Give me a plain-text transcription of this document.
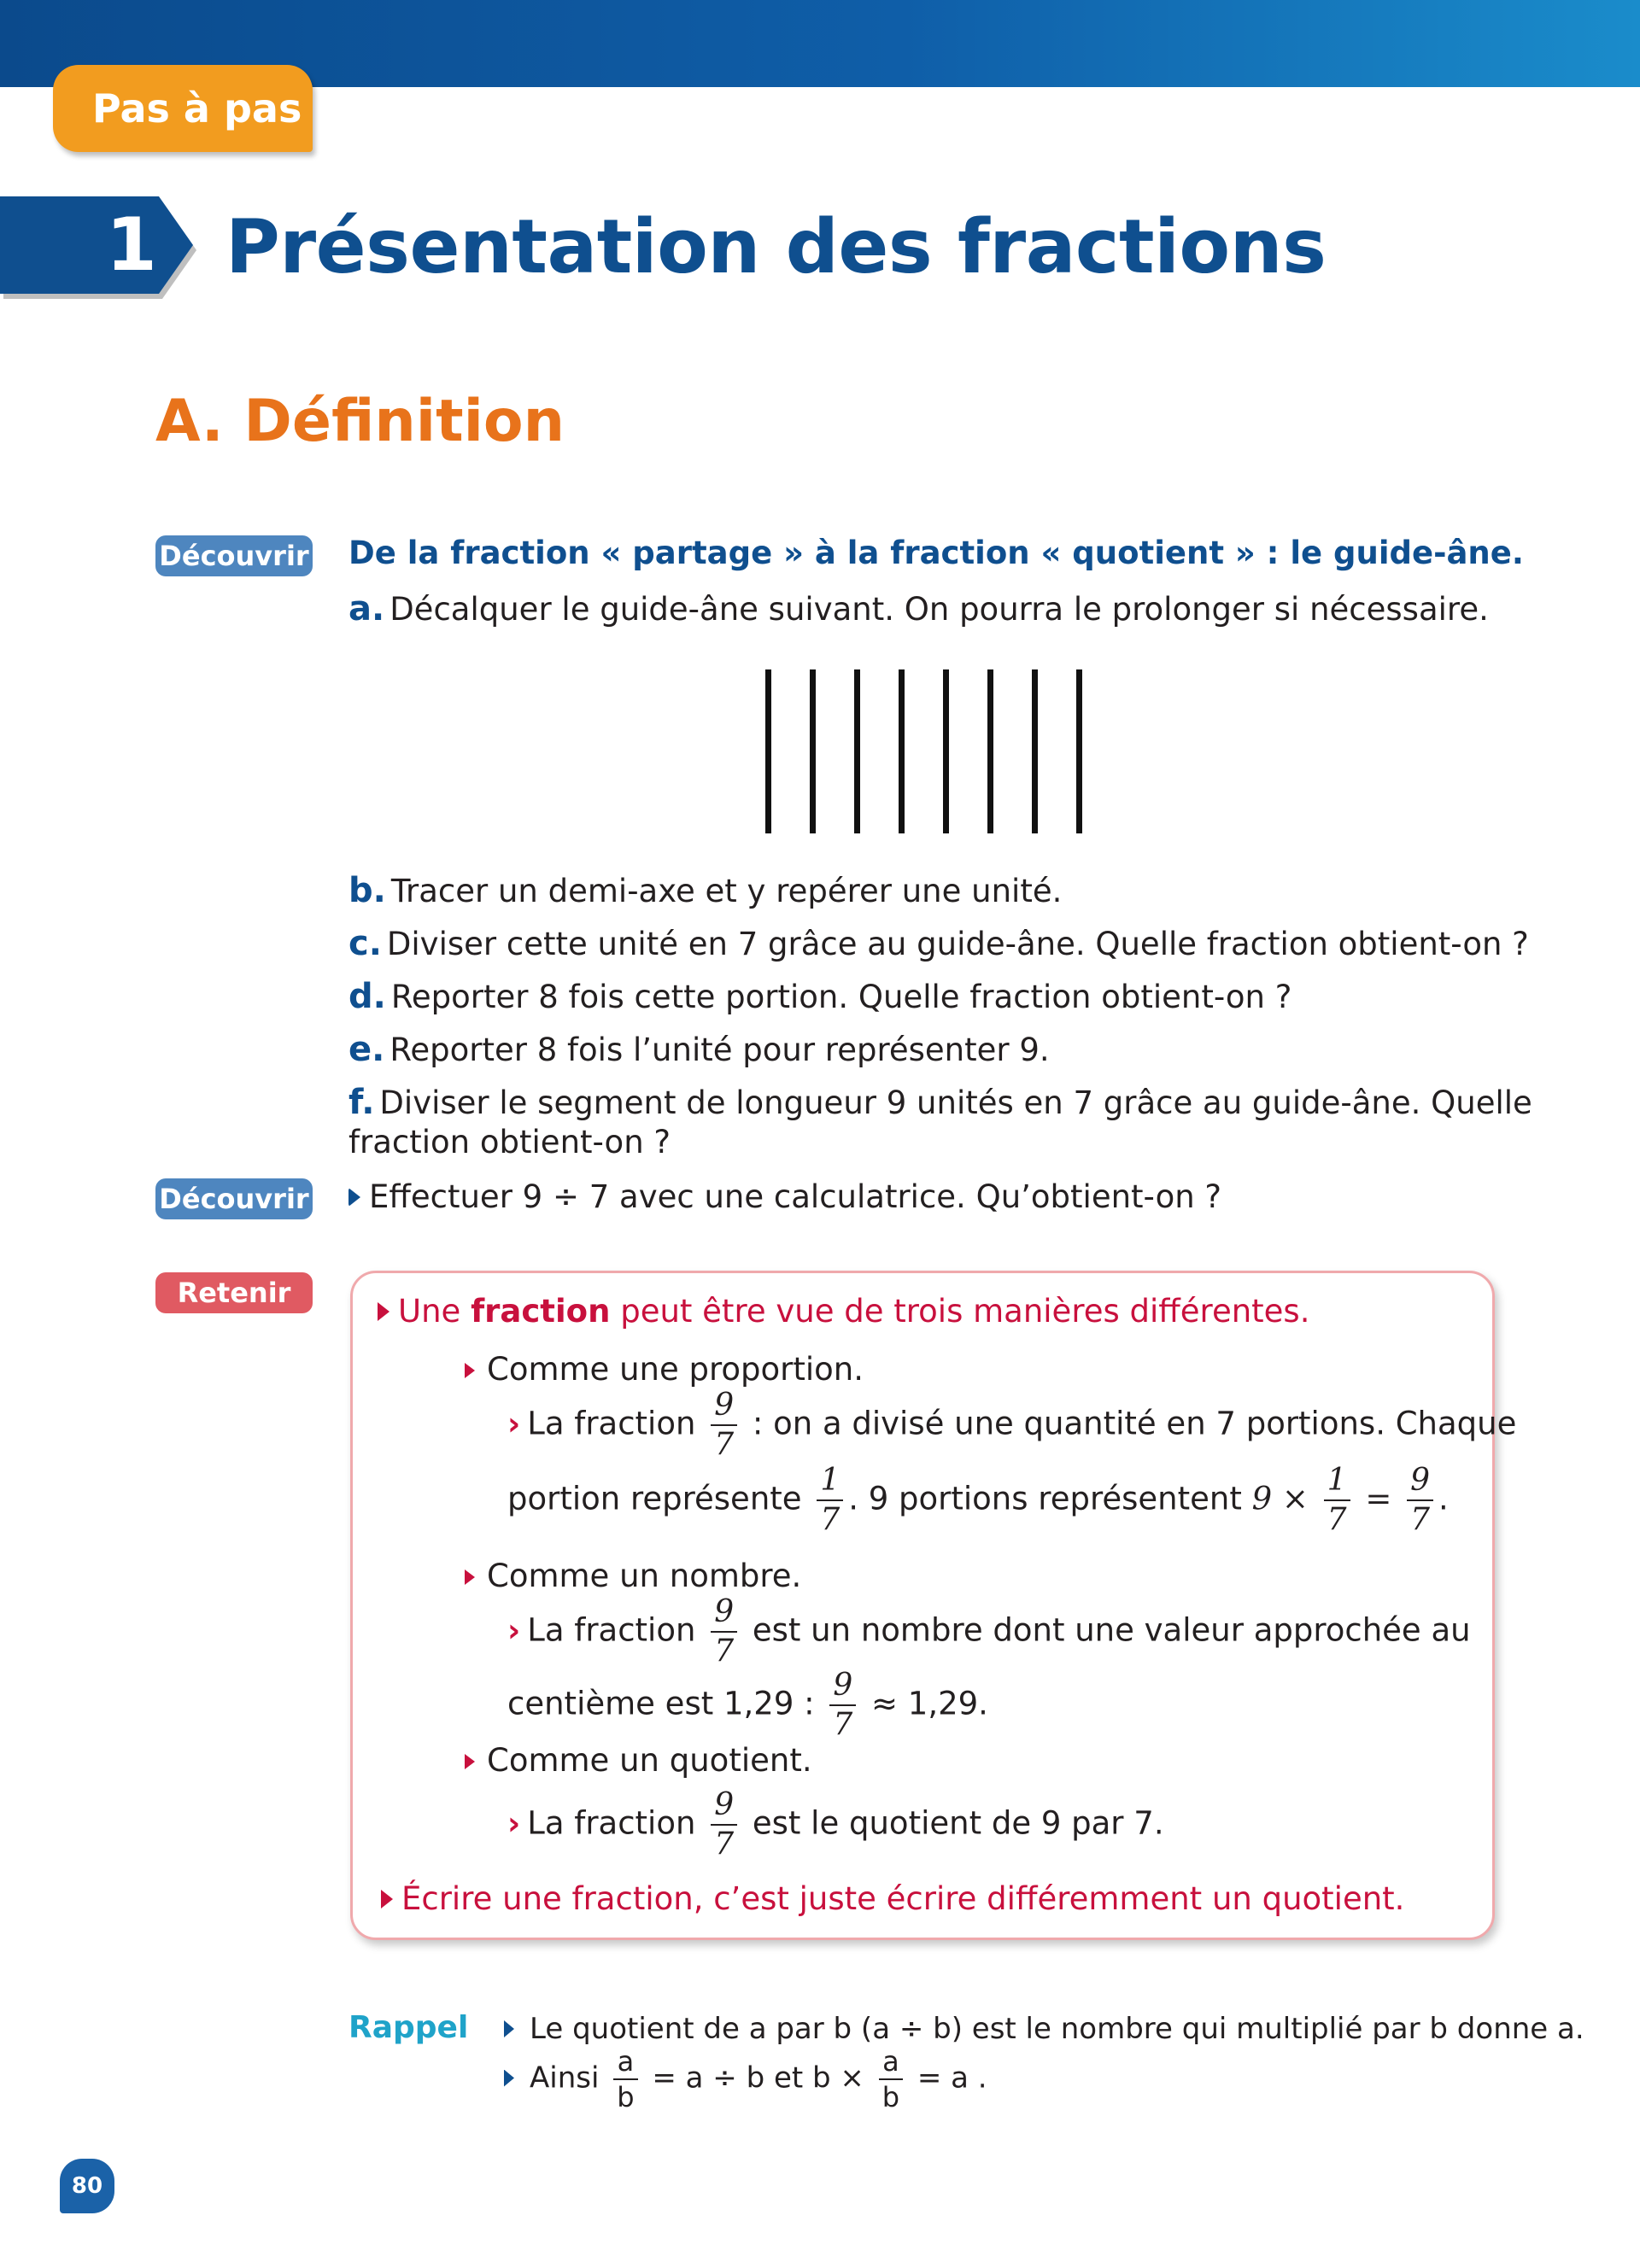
Pas à pas
1 Présentation des fractions
A. Définition
Découvrir De la fraction « partage » à la fraction « quotient » : le guide-âne.
a. Décalquer le guide-âne suivant. On pourra le prolonger si nécessaire.
b. Tracer un demi-axe et y repérer une unité.
c. Diviser cette unité en 7 grâce au guide-âne. Quelle fraction obtient-on ?
d. Reporter 8 fois cette portion. Quelle fraction obtient-on ?
e. Reporter 8 fois l’unité pour représenter 9.
f. Diviser le segment de longueur 9 unités en 7 grâce au guide-âne. Quelle
fraction obtient-on ?
Découvrir	Effectuer 9 ÷ 7 avec une calculatrice. Qu’obtient-on ?
Retenir	Une fraction peut être vue de trois manières différentes.
Comme une proportion.
› La fraction $\frac{9}{7}$ : on a divisé une quantité en 7 portions. Chaque
portion représente $\frac{1}{7}$ . 9 portions représentent $9 \times \frac{1}{7} = \frac{9}{7}$ .
Comme un nombre.
› La fraction $\frac{9}{7}$ est un nombre dont une valeur approchée au
centième est 1,29 : $\frac{9}{7} \approx 1,29$.
Comme un quotient.
› La fraction $\frac{9}{7}$ est le quotient de 9 par 7.
Écrire une fraction, c’est juste écrire différemment un quotient.
Rappel	Le quotient de a par b (a ÷ b) est le nombre qui multiplié par b donne a.
Ainsi $\frac{a}{b} = a \div b$ et $b \times \frac{a}{b} = a$ .
80
